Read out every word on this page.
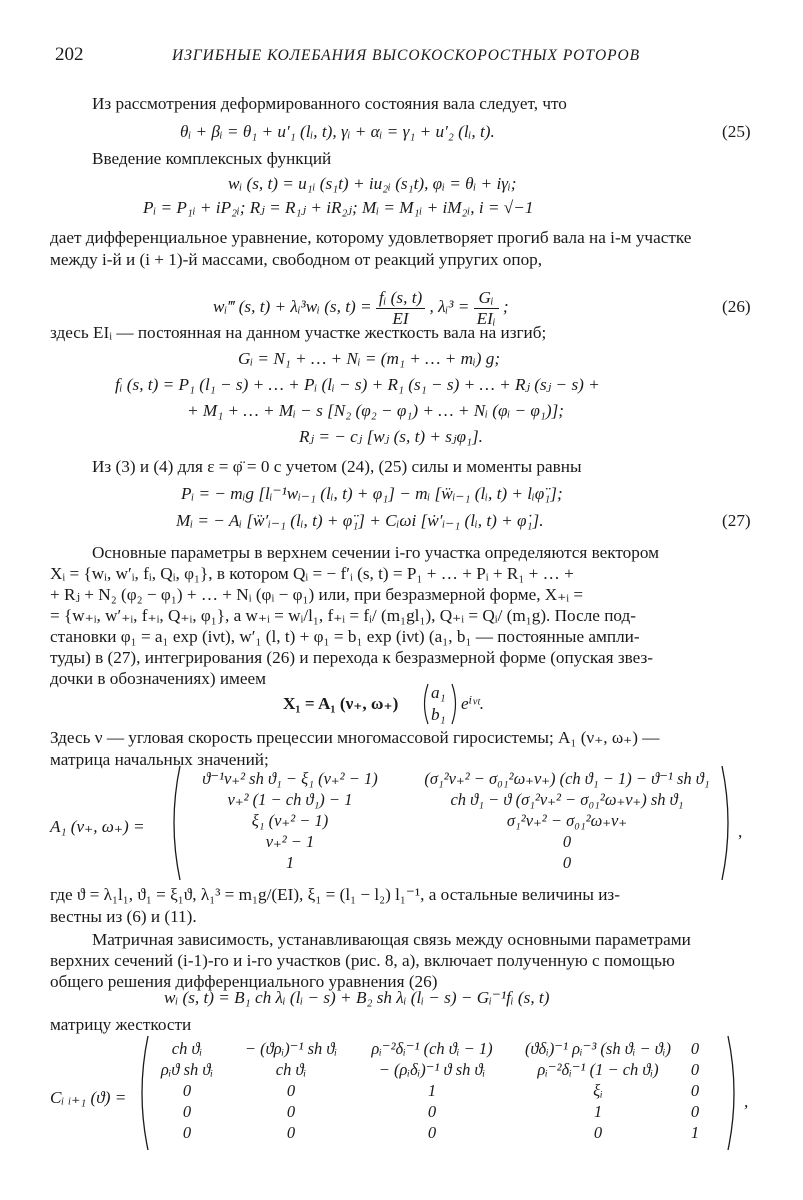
202	ИЗГИБНЫЕ КОЛЕБАНИЯ ВЫСОКОСКОРОСТНЫХ РОТОРОВ
Из рассмотрения деформированного состояния вала следует, что
θᵢ + βᵢ = θ₁ + u′₁ (lᵢ, t), γᵢ + αᵢ = γ₁ + u′₂ (lᵢ, t).	(25)
Введение комплексных функций
wᵢ (s, t) = u₁ᵢ (s₁t) + iu₂ᵢ (s₁t), φᵢ = θᵢ + iγᵢ;
Pᵢ = P₁ᵢ + iP₂ᵢ; Rⱼ = R₁ⱼ + iR₂ⱼ; Mᵢ = M₁ᵢ + iM₂ᵢ, i = √−1
дает дифференциальное уравнение, которому удовлетворяет прогиб вала на i-м участке
между i-й и (i + 1)-й массами, свободном от реакций упругих опор,
wᵢ‴ (s, t) + λᵢ³wᵢ (s, $t) = \frac{\text{fᵢ (s, t)}}{EI}$ , λᵢ³ = $\frac{\text{Gᵢ}}{\text{EIᵢ}}$ ;	(26)
здесь EIᵢ — постоянная на данном участке жесткость вала на изгиб;
Gᵢ = N₁ + … + Nᵢ = (m₁ + … + mᵢ) g;
fᵢ (s, t) = P₁ (l₁ − s) + … + Pᵢ (lᵢ − s) + R₁ (s₁ − s) + … + Rⱼ (sⱼ − s) +
+ M₁ + … + Mᵢ − s [N₂ (φ₂ − φ₁) + … + Nᵢ (φᵢ − φ₁)];
Rⱼ = − cⱼ [wⱼ (s, t) + sⱼφ₁].
Из (3) и (4) для ε = φ̈ = 0 с учетом (24), (25) силы и моменты равны
Pᵢ = − mᵢg [lᵢ⁻¹wᵢ₋₁ (lᵢ, t) + φ₁] − mᵢ [ẅᵢ₋₁ (lᵢ, t) + lᵢφ̈₁];
Mᵢ = − Aᵢ [ẅ′ᵢ₋₁ (lᵢ, t) + φ̈₁] + Cᵢωi [ẇ′ᵢ₋₁ (lᵢ, t) + φ̇₁].	(27)
Основные параметры в верхнем сечении i-го участка определяются вектором
Xᵢ = {wᵢ, w′ᵢ, fᵢ, Qᵢ, φ₁}, в котором Qᵢ = − f′ᵢ (s, t) = P₁ + … + Pᵢ + R₁ + … +
+ Rⱼ + N₂ (φ₂ − φ₁) + … + Nᵢ (φᵢ − φ₁) или, при безразмерной форме, X₊ᵢ =
= {w₊ᵢ, w′₊ᵢ, f₊ᵢ, Q₊ᵢ, φ₁}, а w₊ᵢ = wᵢ/l₁, f₊ᵢ = fᵢ/ (m₁gl₁), Q₊ᵢ = Qᵢ/ (m₁g). После под-
становки φ₁ = a₁ exp (iνt), w′₁ (l, t) + φ₁ = b₁ exp (iνt) (a₁, b₁ — постоянные ампли-
туды) в (27), интегрирования (26) и перехода к безразмерной форме (опуская звез-
дочки в обозначениях) имеем
X₁ = A₁ (ν₊, ω₊)
a₁
b₁
eⁱᵛᵗ.
Здесь ν — угловая скорость прецессии многомассовой гиросистемы; A₁ (ν₊, ω₊) —
матрица начальных значений;
A₁ (ν₊, ω₊) =
ϑ⁻¹ν₊² sh ϑ₁ − ξ₁ (ν₊² − 1)	(σ₁²ν₊² − σ₀₁²ω₊ν₊) (ch ϑ₁ − 1) − ϑ⁻¹ sh ϑ₁
ν₊² (1 − ch ϑ₁) − 1	ch ϑ₁ − ϑ (σ₁²ν₊² − σ₀₁²ω₊ν₊) sh ϑ₁
ξ₁ (ν₊² − 1)	σ₁²ν₊² − σ₀₁²ω₊ν₊
ν₊² − 1	0
1	0
,
где ϑ = λ₁l₁, ϑ₁ = ξ₁ϑ, λ₁³ = m₁g/(EI), ξ₁ = (l₁ − l₂) l₁⁻¹, а остальные величины из-
вестны из (6) и (11).
Матричная зависимость, устанавливающая связь между основными параметрами
верхних сечений (i-1)-го и i-го участков (рис. 8, a), включает полученную с помощью
общего решения дифференциального уравнения (26)
wᵢ (s, t) = B₁ ch λᵢ (lᵢ − s) + B₂ sh λᵢ (lᵢ − s) − Gᵢ⁻¹fᵢ (s, t)
матрицу жесткости
Cᵢ ᵢ₊₁ (ϑ) =
ch ϑᵢ	− (ϑρᵢ)⁻¹ sh ϑᵢ	ρᵢ⁻²δᵢ⁻¹ (ch ϑᵢ − 1)	(ϑδᵢ)⁻¹ ρᵢ⁻³ (sh ϑᵢ − ϑᵢ)	0
ρᵢϑ sh ϑᵢ	ch ϑᵢ	− (ρᵢδᵢ)⁻¹ ϑ sh ϑᵢ	ρᵢ⁻²δᵢ⁻¹ (1 − ch ϑᵢ)	0
0	0	1	ξᵢ	0
0	0	0	1	0
0	0	0	0	1
,
